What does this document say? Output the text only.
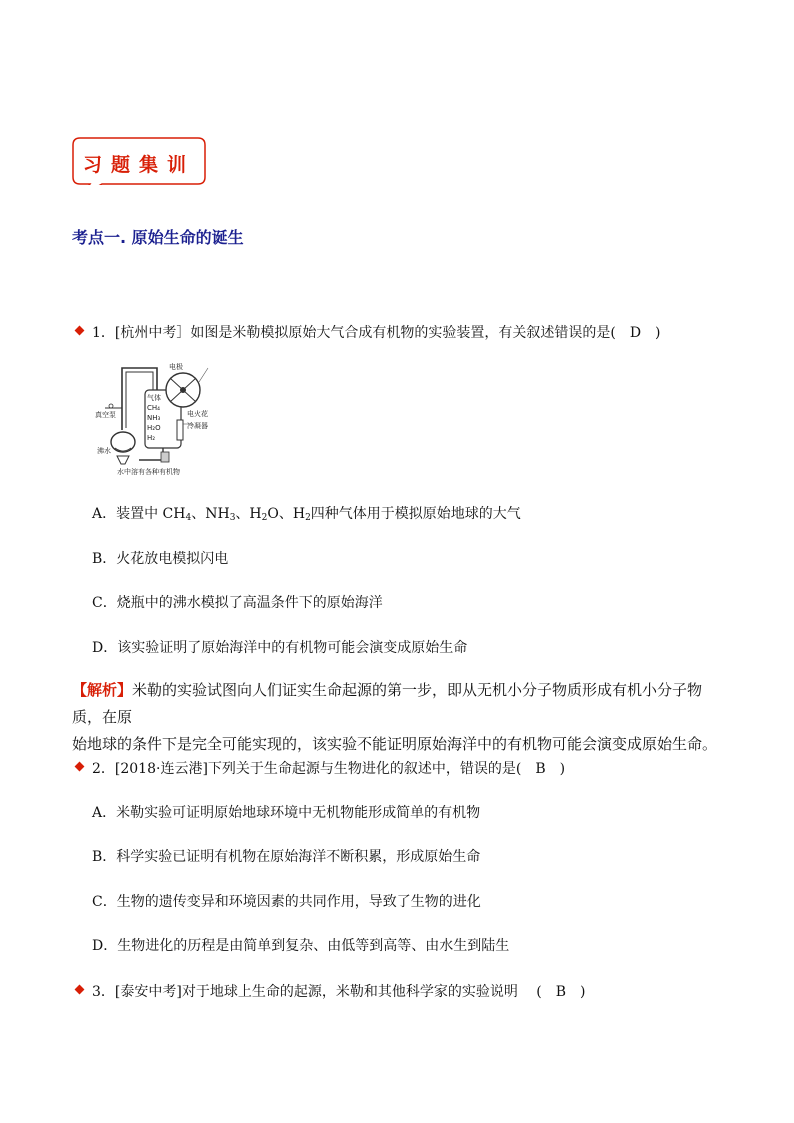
习题集训
考点一. 原始生命的诞生
1．[杭州中考］如图是米勒模拟原始大气合成有机物的实验装置，有关叙述错误的是(　D　)
电极
电火花
冷凝器
真空泵
沸水
气体
CH₄
NH₃
H₂O
H₂
水中溶有各种有机物
A．装置中 $CH_4$、$NH_3$、$H_2O$、$H_2$四种气体用于模拟原始地球的大气
B．火花放电模拟闪电
C．烧瓶中的沸水模拟了高温条件下的原始海洋
D．该实验证明了原始海洋中的有机物可能会演变成原始生命
【解析】米勒的实验试图向人们证实生命起源的第一步，即从无机小分子物质形成有机小分子物质，在原
始地球的条件下是完全可能实现的，该实验不能证明原始海洋中的有机物可能会演变成原始生命。
2．[2018·连云港]下列关于生命起源与生物进化的叙述中，错误的是(　B　)
A．米勒实验可证明原始地球环境中无机物能形成简单的有机物
B．科学实验已证明有机物在原始海洋不断积累，形成原始生命
C．生物的遗传变异和环境因素的共同作用，导致了生物的进化
D．生物进化的历程是由简单到复杂、由低等到高等、由水生到陆生
3．[泰安中考]对于地球上生命的起源，米勒和其他科学家的实验说明　 (　B　)
